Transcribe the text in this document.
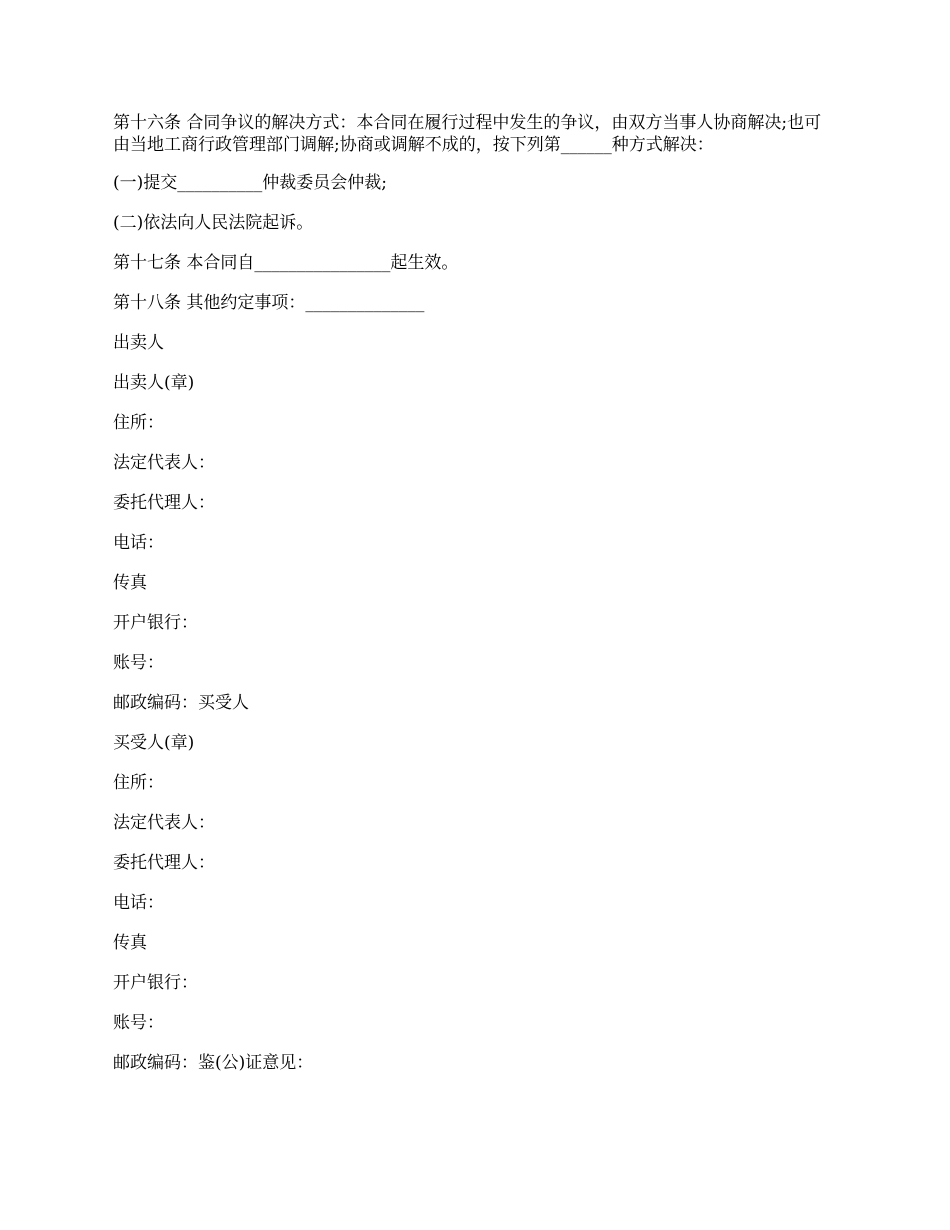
第十六条 合同争议的解决方式：本合同在履行过程中发生的争议，由双方当事人协商解决;也可由当地工商行政管理部门调解;协商或调解不成的，按下列第______种方式解决：

(一)提交__________仲裁委员会仲裁;
(二)依法向人民法院起诉。
第十七条 本合同自________________起生效。
第十八条 其他约定事项：______________
出卖人
出卖人(章)
住所：
法定代表人：
委托代理人：
电话：
传真
开户银行：
账号：
邮政编码：买受人
买受人(章)
住所：
法定代表人：
委托代理人：
电话：
传真
开户银行：
账号：
邮政编码：鉴(公)证意见：
